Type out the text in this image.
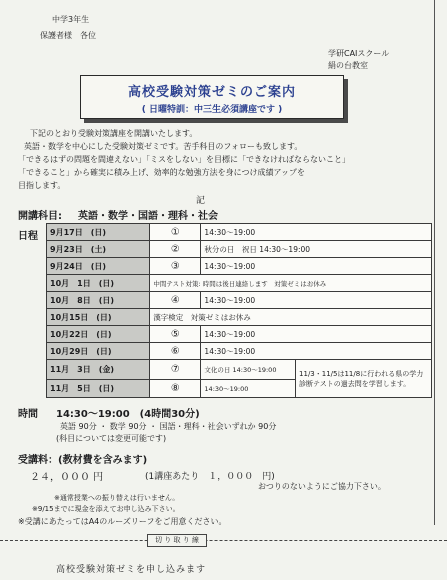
中学3年生
保護者様　各位
学研CAIスクール
絹の台教室
高校受験対策ゼミのご案内
( 日曜特訓：中三生必須講座です )
下記のとおり受験対策講座を開講いたします。
英語・数学を中心にした受験対策ゼミです。苦手科目のフォローも致します。
「できるはずの問題を間違えない」「ミスをしない」を目標に「できなければならないこと」
「できること」から確実に積み上げ、効率的な勉強方法を身につけ成績アップを
目指します。
記
開講科目: 英語・数学・国語・理科・社会
日程 9月17日　(日)	①	14:30～19:00	
9月23日　(土)	②	秋分の日　祝日 14:30～19:00	
9月24日　(日)	③	14:30～19:00	
10月　1日　(日)	中間テスト対策: 時間は後日連絡します　対策ゼミはお休み		
10月　8日　(日)	④	14:30～19:00	
10月15日　(日)	漢字検定　対策ゼミはお休み		
10月22日　(日)	⑤	14:30～19:00	
10月29日　(日)	⑥	14:30～19:00	
11月　3日　(金)	⑦	文化の日 14:30～19:00	11/3・11/5は11/8に行われる県の学力診断テストの過去問を学習します。
11月　5日　(日)	⑧	14:30～19:00	
時間 14:30～19:00　(4時間30分)
英語 90分 ・ 数学 90分 ・ 国語・理科・社会いずれか 90分
(科目については変更可能です)
受講料：(教材費を含みます)
２４，０００ 円	(1講座あたり　１，０００　円)
おつりのないようにご協力下さい。
※通常授業への振り替えは行いません。
※9/15までに現金を添えてお申し込み下さい。
※受講にあたってはA4のルーズリーフをご用意ください。
切 り 取 り 線
高校受験対策ゼミを申し込みます
